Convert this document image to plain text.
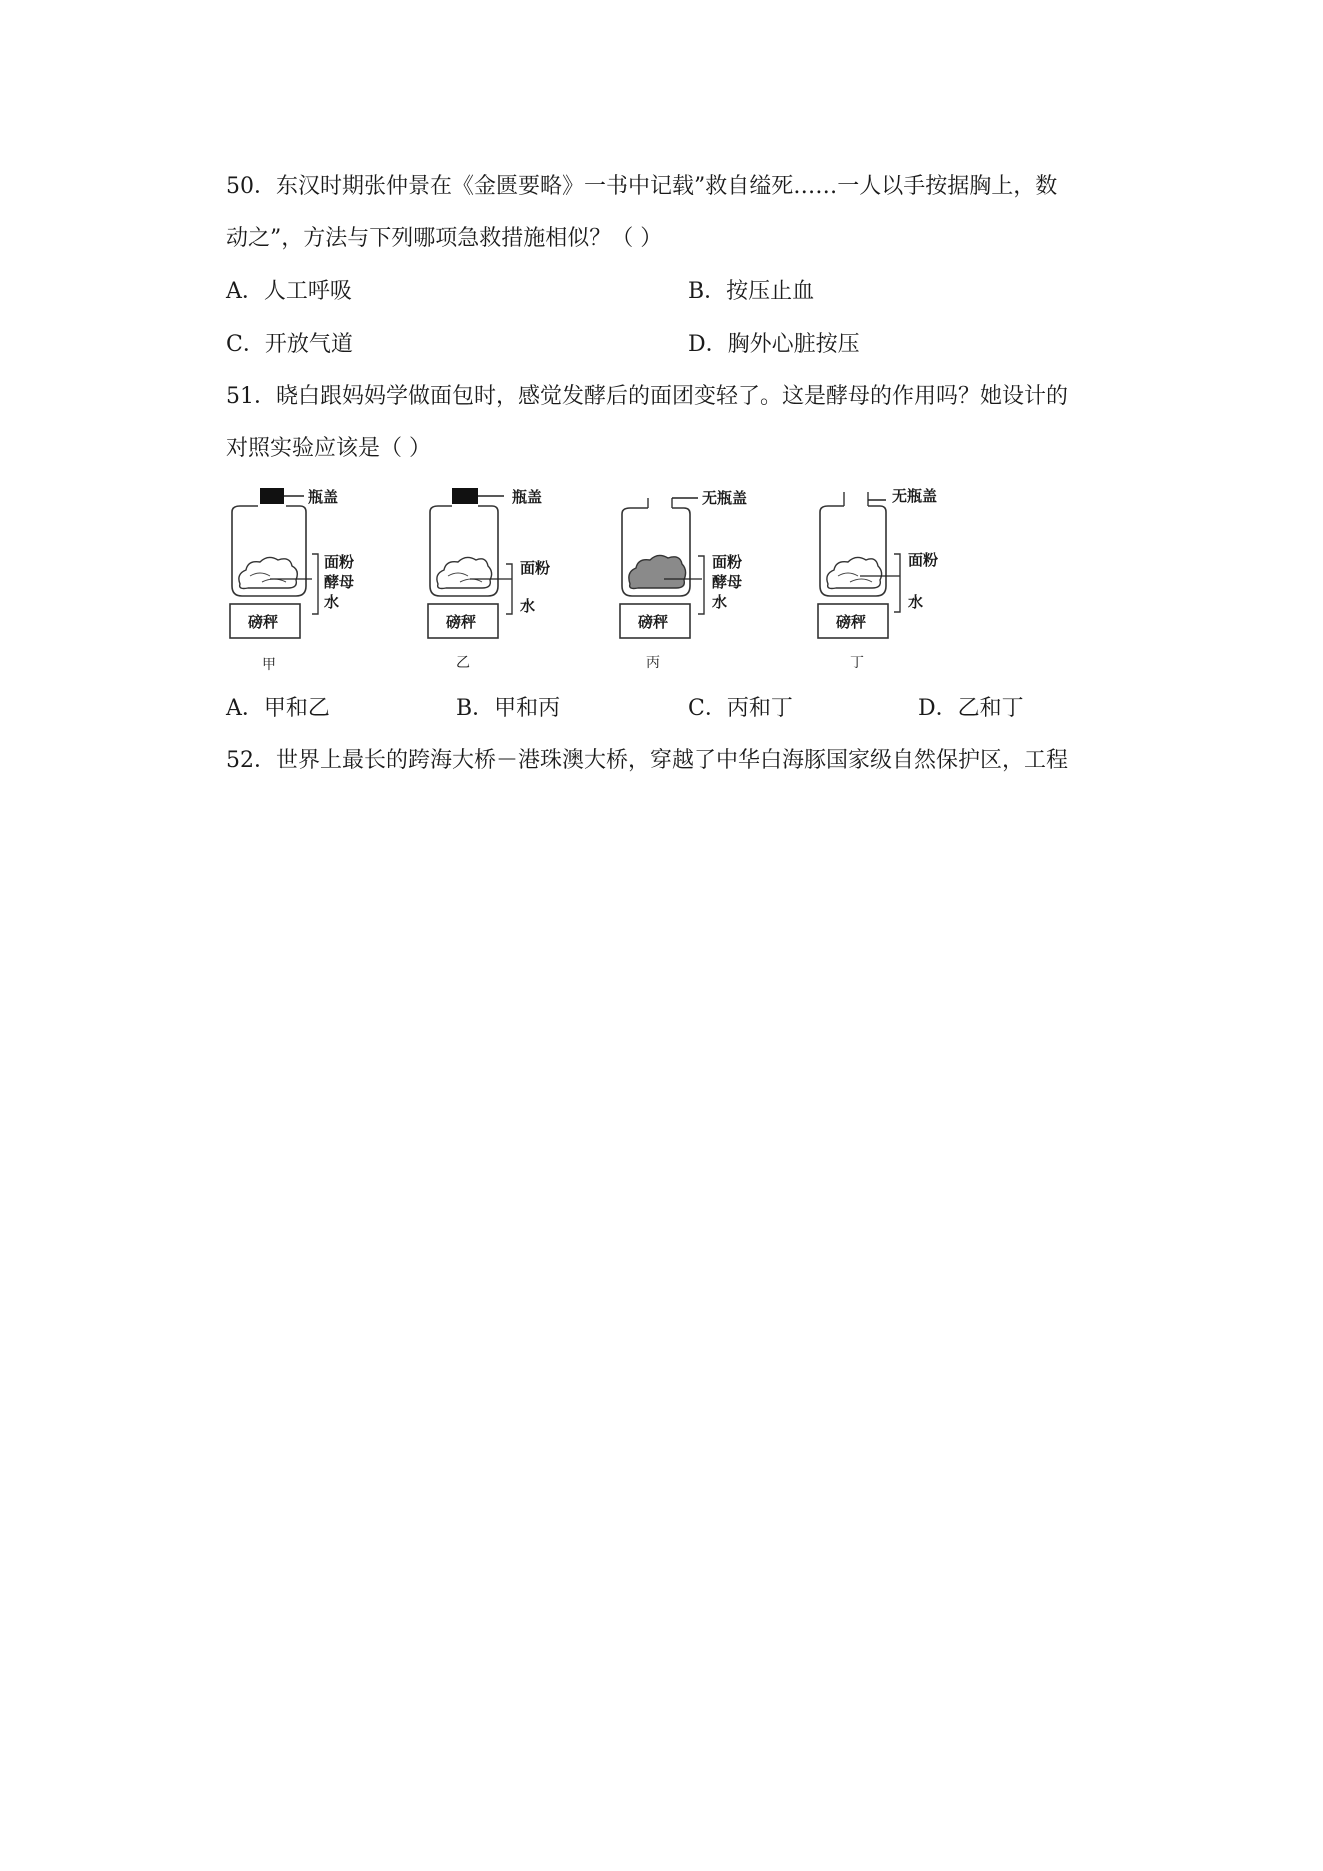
50．东汉时期张仲景在《金匮要略》一书中记载”救自缢死……一人以手按据胸上，数
动之”，方法与下列哪项急救措施相似？（ ）
A．人工呼吸	B．按压止血
C．开放气道	D．胸外心脏按压
51．晓白跟妈妈学做面包时，感觉发酵后的面团变轻了。这是酵母的作用吗？她设计的
对照实验应该是（ ）
瓶盖
面粉
酵母
水
磅秤
甲
瓶盖
面粉
水
磅秤
乙
无瓶盖
面粉
酵母
水
磅秤
丙
无瓶盖
面粉
水
磅秤
丁
A．甲和乙	B．甲和丙	C．丙和丁	D．乙和丁
52．世界上最长的跨海大桥－港珠澳大桥，穿越了中华白海豚国家级自然保护区，工程
